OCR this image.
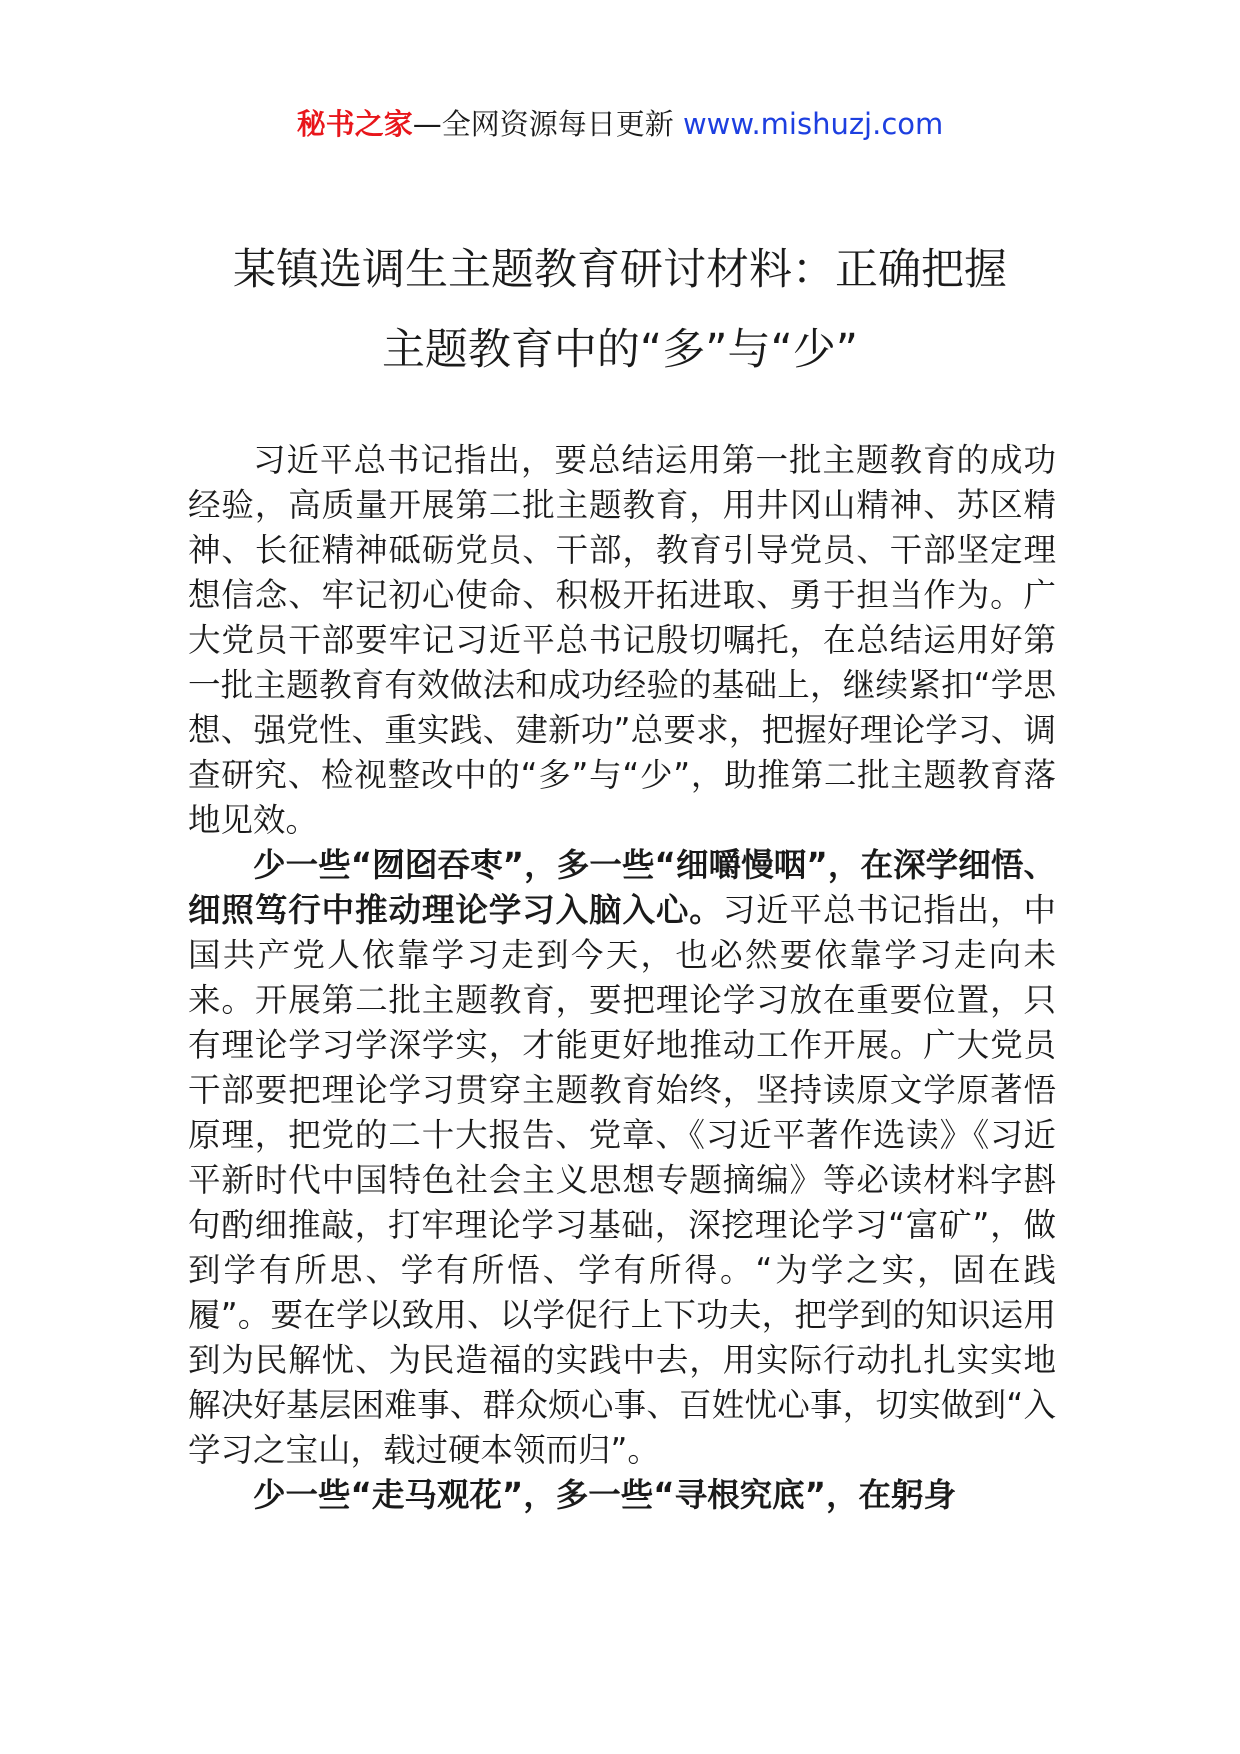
秘书之家—全网资源每日更新 www.mishuzj.com
某镇选调生主题教育研讨材料：正确把握
主题教育中的“多”与“少”

习近平总书记指出，要总结运用第一批主题教育的成功经验，高质量开展第二批主题教育，用井冈山精神、苏区精神、长征精神砥砺党员、干部，教育引导党员、干部坚定理想信念、牢记初心使命、积极开拓进取、勇于担当作为。广大党员干部要牢记习近平总书记殷切嘱托，在总结运用好第一批主题教育有效做法和成功经验的基础上，继续紧扣“学思想、强党性、重实践、建新功”总要求，把握好理论学习、调查研究、检视整改中的“多”与“少”，助推第二批主题教育落地见效。

少一些“囫囵吞枣”，多一些“细嚼慢咽”，在深学细悟、细照笃行中推动理论学习入脑入心。习近平总书记指出，中国共产党人依靠学习走到今天，也必然要依靠学习走向未来。开展第二批主题教育，要把理论学习放在重要位置，只有理论学习学深学实，才能更好地推动工作开展。广大党员干部要把理论学习贯穿主题教育始终，坚持读原文学原著悟原理，把党的二十大报告、党章、《习近平著作选读》《习近平新时代中国特色社会主义思想专题摘编》等必读材料字斟句酌细推敲，打牢理论学习基础，深挖理论学习“富矿”，做到学有所思、学有所悟、学有所得。“为学之实，固在践履”。要在学以致用、以学促行上下功夫，把学到的知识运用到为民解忧、为民造福的实践中去，用实际行动扎扎实实地解决好基层困难事、群众烦心事、百姓忧心事，切实做到“入学习之宝山，载过硬本领而归”。

少一些“走马观花”，多一些“寻根究底”，在躬身
